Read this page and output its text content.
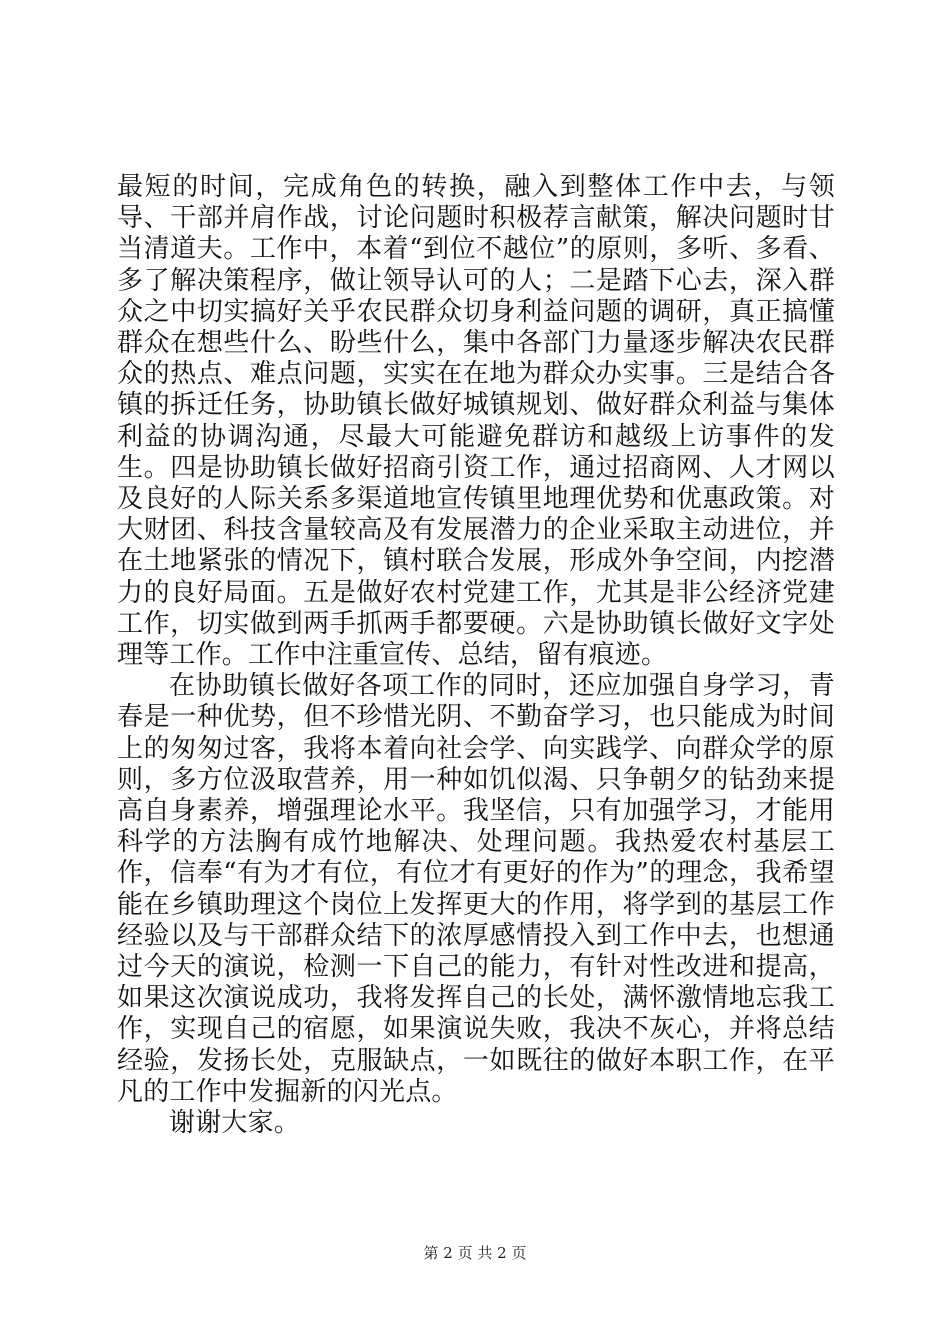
最短的时间，完成角色的转换，融入到整体工作中去，与领导、干部并肩作战，讨论问题时积极荐言献策，解决问题时甘当清道夫。工作中，本着“到位不越位”的原则，多听、多看、多了解决策程序，做让领导认可的人；二是踏下心去，深入群众之中切实搞好关乎农民群众切身利益问题的调研，真正搞懂群众在想些什么、盼些什么，集中各部门力量逐步解决农民群众的热点、难点问题，实实在在地为群众办实事。三是结合各镇的拆迁任务，协助镇长做好城镇规划、做好群众利益与集体利益的协调沟通，尽最大可能避免群访和越级上访事件的发生。四是协助镇长做好招商引资工作，通过招商网、人才网以及良好的人际关系多渠道地宣传镇里地理优势和优惠政策。对大财团、科技含量较高及有发展潜力的企业采取主动进位，并在土地紧张的情况下，镇村联合发展，形成外争空间，内挖潜力的良好局面。五是做好农村党建工作，尤其是非公经济党建工作，切实做到两手抓两手都要硬。六是协助镇长做好文字处理等工作。工作中注重宣传、总结，留有痕迹。

在协助镇长做好各项工作的同时，还应加强自身学习，青春是一种优势，但不珍惜光阴、不勤奋学习，也只能成为时间上的匆匆过客，我将本着向社会学、向实践学、向群众学的原则，多方位汲取营养，用一种如饥似渴、只争朝夕的钻劲来提高自身素养，增强理论水平。我坚信，只有加强学习，才能用科学的方法胸有成竹地解决、处理问题。我热爱农村基层工作，信奉“有为才有位，有位才有更好的作为”的理念，我希望能在乡镇助理这个岗位上发挥更大的作用，将学到的基层工作经验以及与干部群众结下的浓厚感情投入到工作中去，也想通过今天的演说，检测一下自己的能力，有针对性改进和提高，如果这次演说成功，我将发挥自己的长处，满怀激情地忘我工作，实现自己的宿愿，如果演说失败，我决不灰心，并将总结经验，发扬长处，克服缺点，一如既往的做好本职工作，在平凡的工作中发掘新的闪光点。

谢谢大家。

第 2 页 共 2 页
